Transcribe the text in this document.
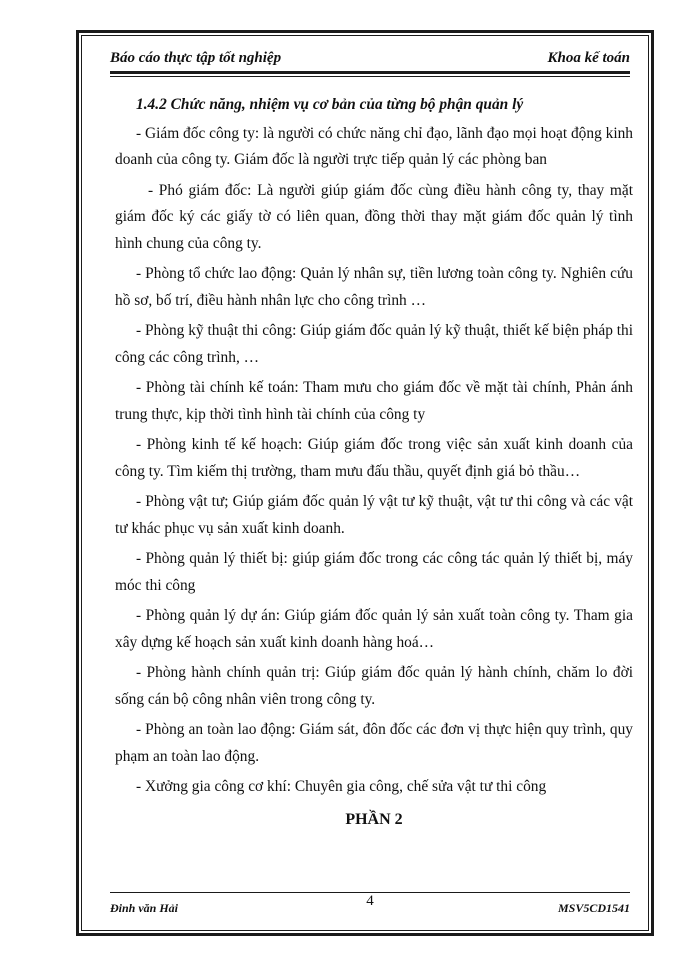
Báo cáo thực tập tốt nghiệp	Khoa kế toán
1.4.2 Chức năng, nhiệm vụ cơ bản của từng bộ phận quản lý

- Giám đốc công ty: là người có chức năng chỉ đạo, lãnh đạo mọi hoạt động kinh doanh của công ty. Giám đốc là người trực tiếp quản lý các phòng ban

- Phó giám đốc: Là người giúp giám đốc cùng điều hành công ty, thay mặt giám đốc ký các giấy tờ có liên quan, đồng thời thay mặt giám đốc quản lý tình hình chung của công ty.

- Phòng tổ chức lao động: Quản lý nhân sự, tiền lương toàn công ty. Nghiên cứu hồ sơ, bố trí, điều hành nhân lực cho công trình …

- Phòng kỹ thuật thi công: Giúp giám đốc quản lý kỹ thuật, thiết kế biện pháp thi công các công trình, …

- Phòng tài chính kế toán: Tham mưu cho giám đốc về mặt tài chính, Phản ánh trung thực, kịp thời tình hình tài chính của công ty

- Phòng kinh tế kế hoạch: Giúp giám đốc trong việc sản xuất kinh doanh của công ty. Tìm kiếm thị trường, tham mưu đấu thầu, quyết định giá bỏ thầu…

- Phòng vật tư; Giúp giám đốc quản lý vật tư kỹ thuật, vật tư thi công và các vật tư khác phục vụ sản xuất kinh doanh.

- Phòng quản lý thiết bị: giúp giám đốc trong các công tác quản lý thiết bị, máy móc thi công

- Phòng quản lý dự án: Giúp giám đốc quản lý sản xuất toàn công ty. Tham gia xây dựng kế hoạch sản xuất kinh doanh hàng hoá…

- Phòng hành chính quản trị: Giúp giám đốc quản lý hành chính, chăm lo đời sống cán bộ công nhân viên trong công ty.

- Phòng an toàn lao động: Giám sát, đôn đốc các đơn vị thực hiện quy trình, quy phạm an toàn lao động.

- Xưởng gia công cơ khí: Chuyên gia công, chế sửa vật tư thi công

PHẦN 2
Đinh văn Hải	4	MSV5CD1541
